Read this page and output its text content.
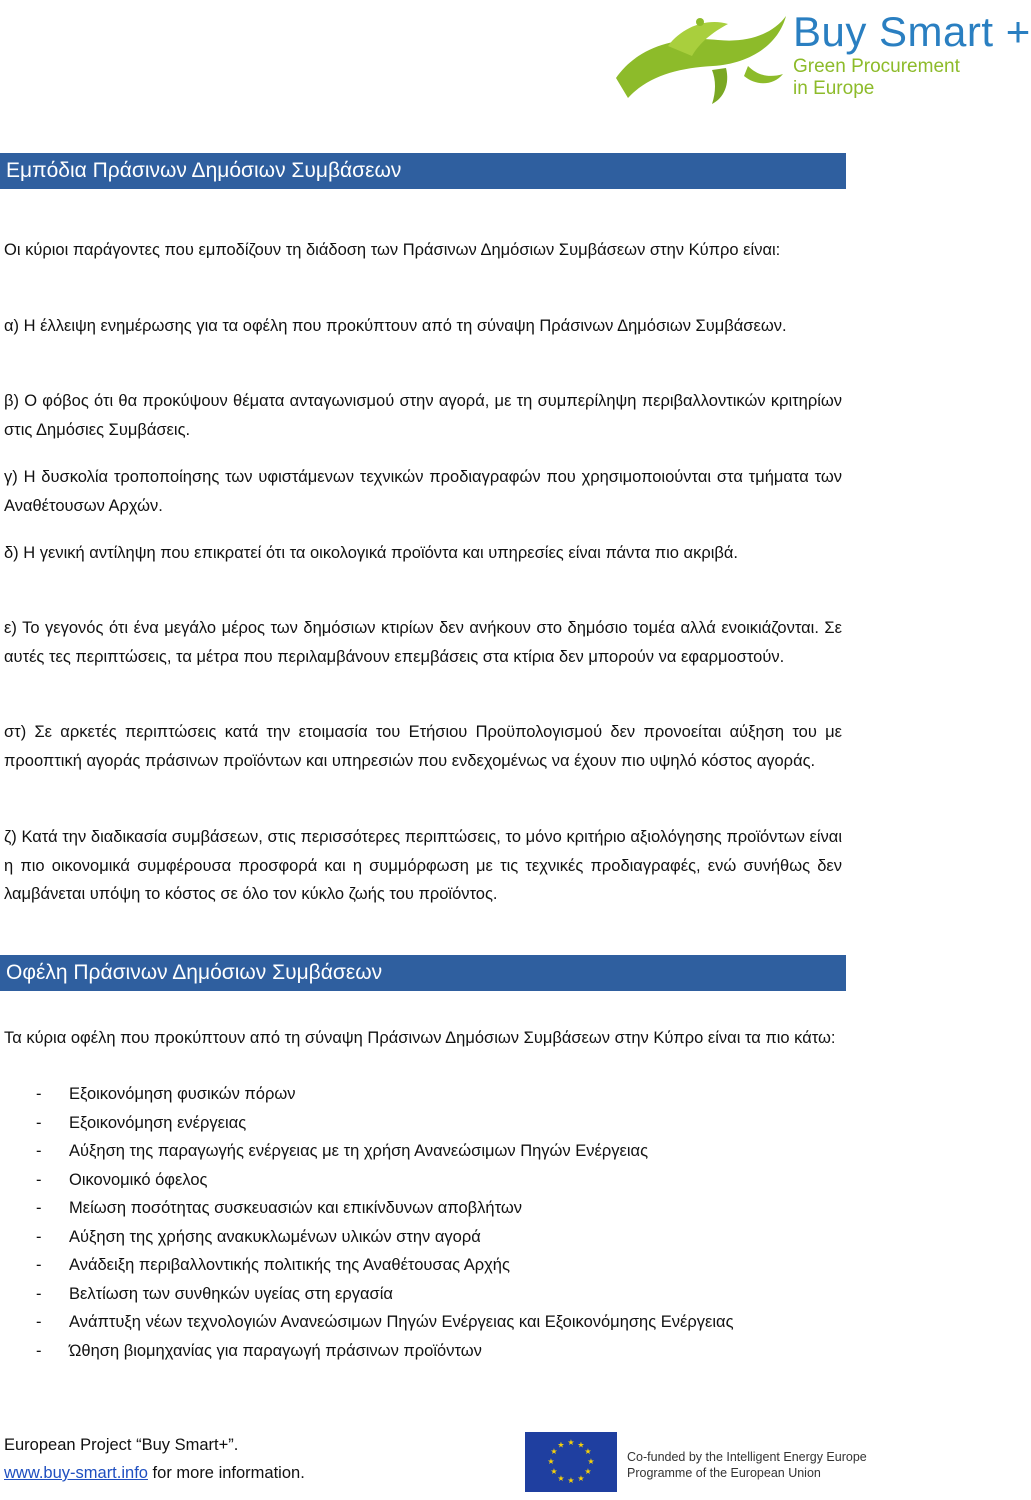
Buy Smart +
Green Procurement
in Europe
Εμπόδια Πράσινων Δημόσιων Συμβάσεων

Οι κύριοι παράγοντες που εμποδίζουν τη διάδοση των Πράσινων Δημόσιων Συμβάσεων στην Κύπρο είναι:

α) Η έλλειψη ενημέρωσης για τα οφέλη που προκύπτουν από τη σύναψη Πράσινων Δημόσιων Συμβάσεων.

β) Ο φόβος ότι θα προκύψουν θέματα ανταγωνισμού στην αγορά, με τη συμπερίληψη περιβαλλοντικών κριτηρίων στις Δημόσιες Συμβάσεις.

γ) Η δυσκολία τροποποίησης των υφιστάμενων τεχνικών προδιαγραφών που χρησιμοποιούνται στα τμήματα των Αναθέτουσων Αρχών.

δ) Η γενική αντίληψη που επικρατεί ότι τα οικολογικά προϊόντα και υπηρεσίες είναι πάντα πιο ακριβά.

ε) Το γεγονός ότι ένα μεγάλο μέρος των δημόσιων κτιρίων δεν ανήκουν στο δημόσιο τομέα αλλά ενοικιάζονται. Σε αυτές τες περιπτώσεις, τα μέτρα που περιλαμβάνουν επεμβάσεις στα κτίρια δεν μπορούν να εφαρμοστούν.

στ) Σε αρκετές περιπτώσεις κατά την ετοιμασία του Ετήσιου Προϋπολογισμού δεν προνοείται αύξηση του με προοπτική αγοράς πράσινων προϊόντων και υπηρεσιών που ενδεχομένως να έχουν πιο υψηλό κόστος αγοράς.

ζ) Κατά την διαδικασία συμβάσεων, στις περισσότερες περιπτώσεις, το μόνο κριτήριο αξιολόγησης προϊόντων είναι η πιο οικονομικά συμφέρουσα προσφορά και η συμμόρφωση με τις τεχνικές προδιαγραφές, ενώ συνήθως δεν λαμβάνεται υπόψη το κόστος σε όλο τον κύκλο ζωής του προϊόντος.

Οφέλη Πράσινων Δημόσιων Συμβάσεων

Τα κύρια οφέλη που προκύπτουν από τη σύναψη Πράσινων Δημόσιων Συμβάσεων στην Κύπρο είναι τα πιο κάτω:

-	Εξοικονόμηση φυσικών πόρων
-	Εξοικονόμηση ενέργειας
-	Αύξηση της παραγωγής ενέργειας με τη χρήση Ανανεώσιμων Πηγών Ενέργειας
-	Οικονομικό όφελος
-	Μείωση ποσότητας συσκευασιών και επικίνδυνων αποβλήτων
-	Αύξηση της χρήσης ανακυκλωμένων υλικών στην αγορά
-	Ανάδειξη περιβαλλοντικής πολιτικής της Αναθέτουσας Αρχής
-	Βελτίωση των συνθηκών υγείας στη εργασία
-	Ανάπτυξη νέων τεχνολογιών Ανανεώσιμων Πηγών Ενέργειας και Εξοικονόμησης Ενέργειας
-	Ώθηση βιομηχανίας για παραγωγή πράσινων προϊόντων
European Project “Buy Smart+”.
www.buy-smart.info for more information.
★ ★
★
★
★
★
★
★
★
★
★
★
Co-funded by the Intelligent Energy Europe
Programme of the European Union
